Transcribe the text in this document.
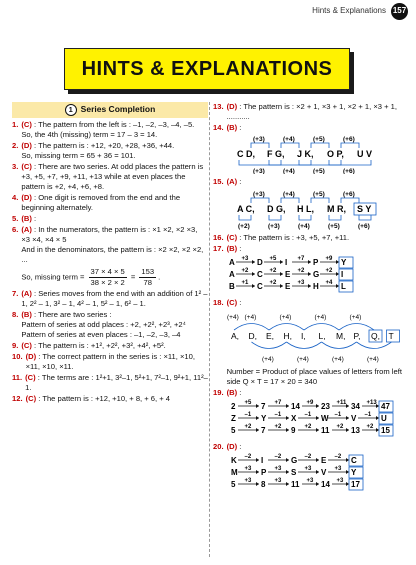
Hints & Explanations 157
HINTS & EXPLANATIONS
1 Series Completion
1. (C) : The pattern from the left is : –1, –2, –3, –4, –5.

So, the 4th (missing) term = 17 – 3 = 14.

2. (D) : The pattern is : +12, +20, +28, +36, +44.

So, missing term = 65 + 36 = 101.

3. (C) : There are two series. At odd places the pattern is +3, +5, +7, +9, +11, +13 while at even places the pattern is +2, +4, +6, +8.
4. (D) : One digit is removed from the end and the beginning alternately.
5. (B) :
6. (A) : In the numerators, the pattern is : ×1 ×2, ×2 ×3, ×3 ×4, ×4 × 5

And in the denominators, the pattern is : ×2 ×2, ×2 ×2, ...

So, missing term = $\frac{37 \times 4 \times 5}{38 \times 2 \times 2} = \frac{153}{78}$ .

7. (A) : Series moves from the end with an addition of 1² – 1, 2² – 1, 3² – 1, 4² – 1, 5² – 1, 6² – 1.
8. (B) : There are two series :

Pattern of series at odd places : +2, +2², +2³, +2⁴

Pattern of series at even places : –1, –2, –3, –4

9. (C) : The pattern is : +1², +2², +3², +4², +5².
10. (D) : The correct pattern in the series is : ×11, ×10, ×11, ×10, ×11.
11. (C) : The terms are : 1²+1, 3²–1, 5²+1, 7²–1, 9²+1, 11²–1.
12. (C) : The pattern is : +12, +10, + 8, + 6, + 4
13. (D) : The pattern is : ×2 + 1, ×3 + 1, ×2 + 1, ×3 + 1, ...........
14. (B) :
C D, F G, J K, O P, U V
(+3)	(+4)	(+5)	(+6)
(+3)	(+4)	(+5)	(+6)
15. (A) :
A C, D G, H L, M R, S Y
(+3)	(+4)	(+5)	(+6)
(+2)	(+3)	(+4)	(+5)	(+6)
16. (C) : The pattern is : +3, +5, +7, +11.
17. (B) :
A +3 D +5 I +7 P +9 Y
A +2 C +2 E +2 G +2 I
B +1 C +2 E +3 H +4 L
18. (C) :
A, D, E, H, I, L, M, P, Q, T
(+4)	(+4)	(+4)	(+4)
(+4)
(+4)	(+4)	(+4)	(+4)

Number = Product of place values of letters from left side Q × T = 17 × 20 = 340

19. (B) :
2 +5 7 +7 14 +9 23 +11 34 +13 47
Z –1 Y –1 X –1 W –1 V –1 U
5 +2 7 +2 9 +2 11 +2 13 +2 15
20. (D) :
K –2 I –2 G –2 E –2 C
M +3 P +3 S +3 V +3 Y
5 +3 8 +3 11 +3 14 +3 17
